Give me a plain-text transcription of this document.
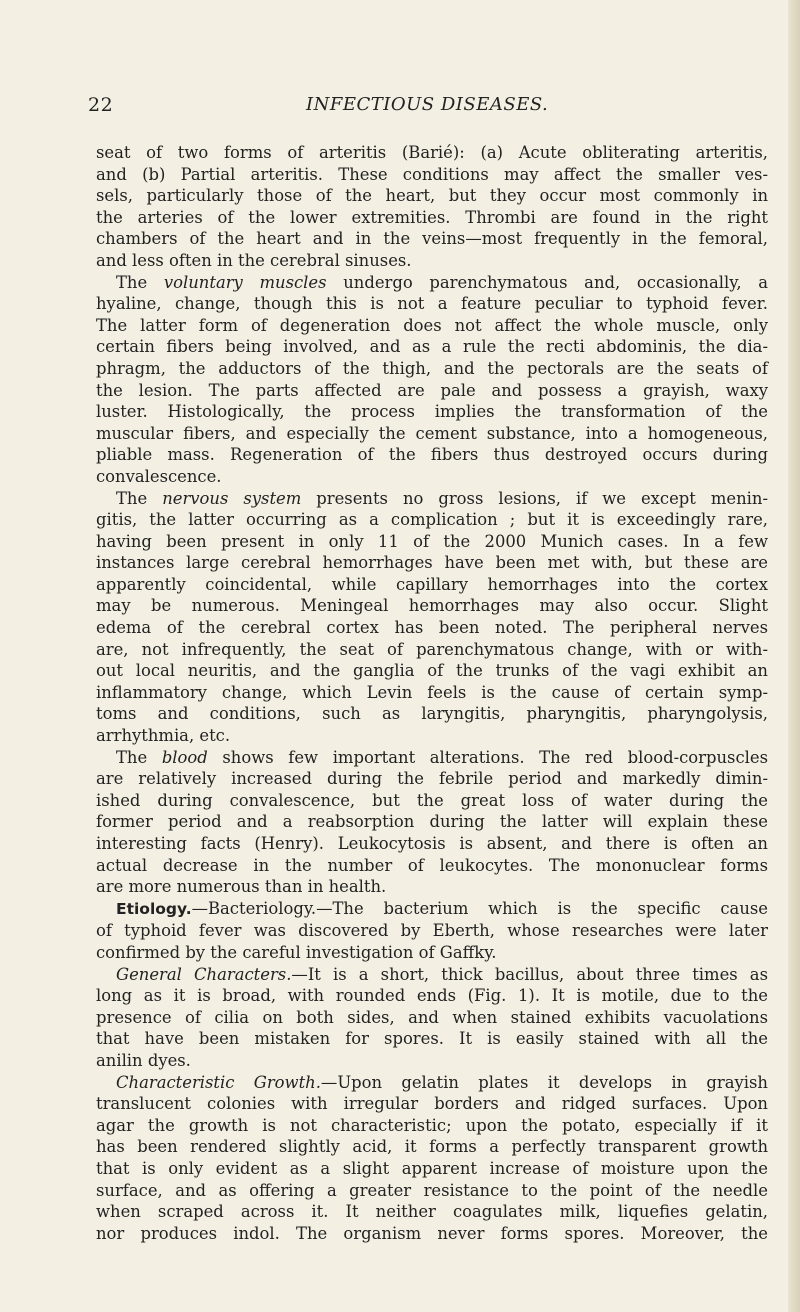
22	INFECTIOUS DISEASES.
seat of two forms of arteritis (Barié): (a) Acute obliterating arteritis,
and (b) Partial arteritis. These conditions may affect the smaller ves-
sels, particularly those of the heart, but they occur most commonly in
the arteries of the lower extremities. Thrombi are found in the right
chambers of the heart and in the veins—most frequently in the femoral,
and less often in the cerebral sinuses.
The voluntary muscles undergo parenchymatous and, occasionally, a
hyaline, change, though this is not a feature peculiar to typhoid fever.
The latter form of degeneration does not affect the whole muscle, only
certain fibers being involved, and as a rule the recti abdominis, the dia-
phragm, the adductors of the thigh, and the pectorals are the seats of
the lesion. The parts affected are pale and possess a grayish, waxy
luster. Histologically, the process implies the transformation of the
muscular fibers, and especially the cement substance, into a homogeneous,
pliable mass. Regeneration of the fibers thus destroyed occurs during
convalescence.
The nervous system presents no gross lesions, if we except menin-
gitis, the latter occurring as a complication ; but it is exceedingly rare,
having been present in only 11 of the 2000 Munich cases. In a few
instances large cerebral hemorrhages have been met with, but these are
apparently coincidental, while capillary hemorrhages into the cortex
may be numerous. Meningeal hemorrhages may also occur. Slight
edema of the cerebral cortex has been noted. The peripheral nerves
are, not infrequently, the seat of parenchymatous change, with or with-
out local neuritis, and the ganglia of the trunks of the vagi exhibit an
inflammatory change, which Levin feels is the cause of certain symp-
toms and conditions, such as laryngitis, pharyngitis, pharyngolysis,
arrhythmia, etc.
The blood shows few important alterations. The red blood-corpuscles
are relatively increased during the febrile period and markedly dimin-
ished during convalescence, but the great loss of water during the
former period and a reabsorption during the latter will explain these
interesting facts (Henry). Leukocytosis is absent, and there is often an
actual decrease in the number of leukocytes. The mononuclear forms
are more numerous than in health.
Etiology.—Bacteriology.—The bacterium which is the specific cause
of typhoid fever was discovered by Eberth, whose researches were later
confirmed by the careful investigation of Gaffky.
General Characters.—It is a short, thick bacillus, about three times as
long as it is broad, with rounded ends (Fig. 1). It is motile, due to the
presence of cilia on both sides, and when stained exhibits vacuolations
that have been mistaken for spores. It is easily stained with all the
anilin dyes.
Characteristic Growth.—Upon gelatin plates it develops in grayish
translucent colonies with irregular borders and ridged surfaces. Upon
agar the growth is not characteristic; upon the potato, especially if it
has been rendered slightly acid, it forms a perfectly transparent growth
that is only evident as a slight apparent increase of moisture upon the
surface, and as offering a greater resistance to the point of the needle
when scraped across it. It neither coagulates milk, liquefies gelatin,
nor produces indol. The organism never forms spores. Moreover, the
